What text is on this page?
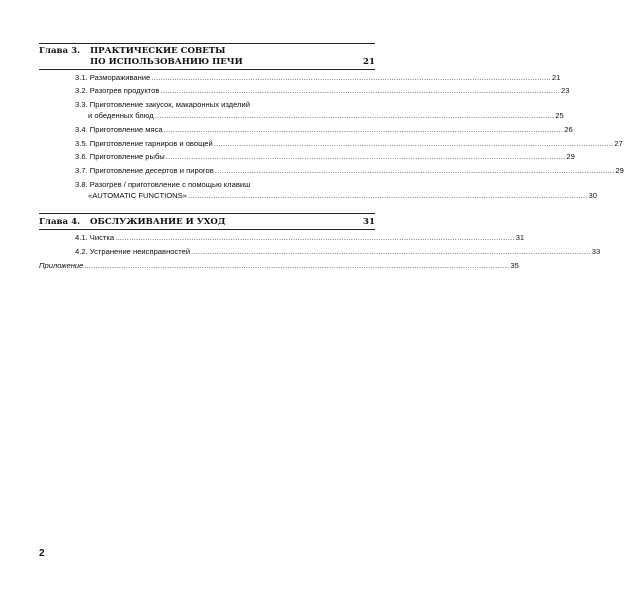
Глава 3. ПРАКТИЧЕСКИЕ СОВЕТЫ
ПО ИСПОЛЬЗОВАНИЮ ПЕЧИ	21
3.1. Размораживание ............................................................................................................................................................................. 21
3.2. Разогрев продуктов ............................................................................................................................................................................. 23
3.3. Приготовление закусок, макаронных изделий
и обеденных блюд ............................................................................................................................................................................. 25
3.4. Приготовление мяса ............................................................................................................................................................................. 26
3.5. Приготовление гарниров и овощей ............................................................................................................................................................................. 27
3.6. Приготовление рыбы ............................................................................................................................................................................. 29
3.7. Приготовление десертов и пирогов ............................................................................................................................................................................. 29
3.8. Разогрев / приготовление с помощью клавиш
«AUTOMATIC FUNCTIONS» ............................................................................................................................................................................. 30
Глава 4. ОБСЛУЖИВАНИЕ И УХОД	31
4.1. Чистка ............................................................................................................................................................................. 31
4.2. Устранение неисправностей ............................................................................................................................................................................. 33
Приложение ........................................................................................................................................................................................ 35
2
